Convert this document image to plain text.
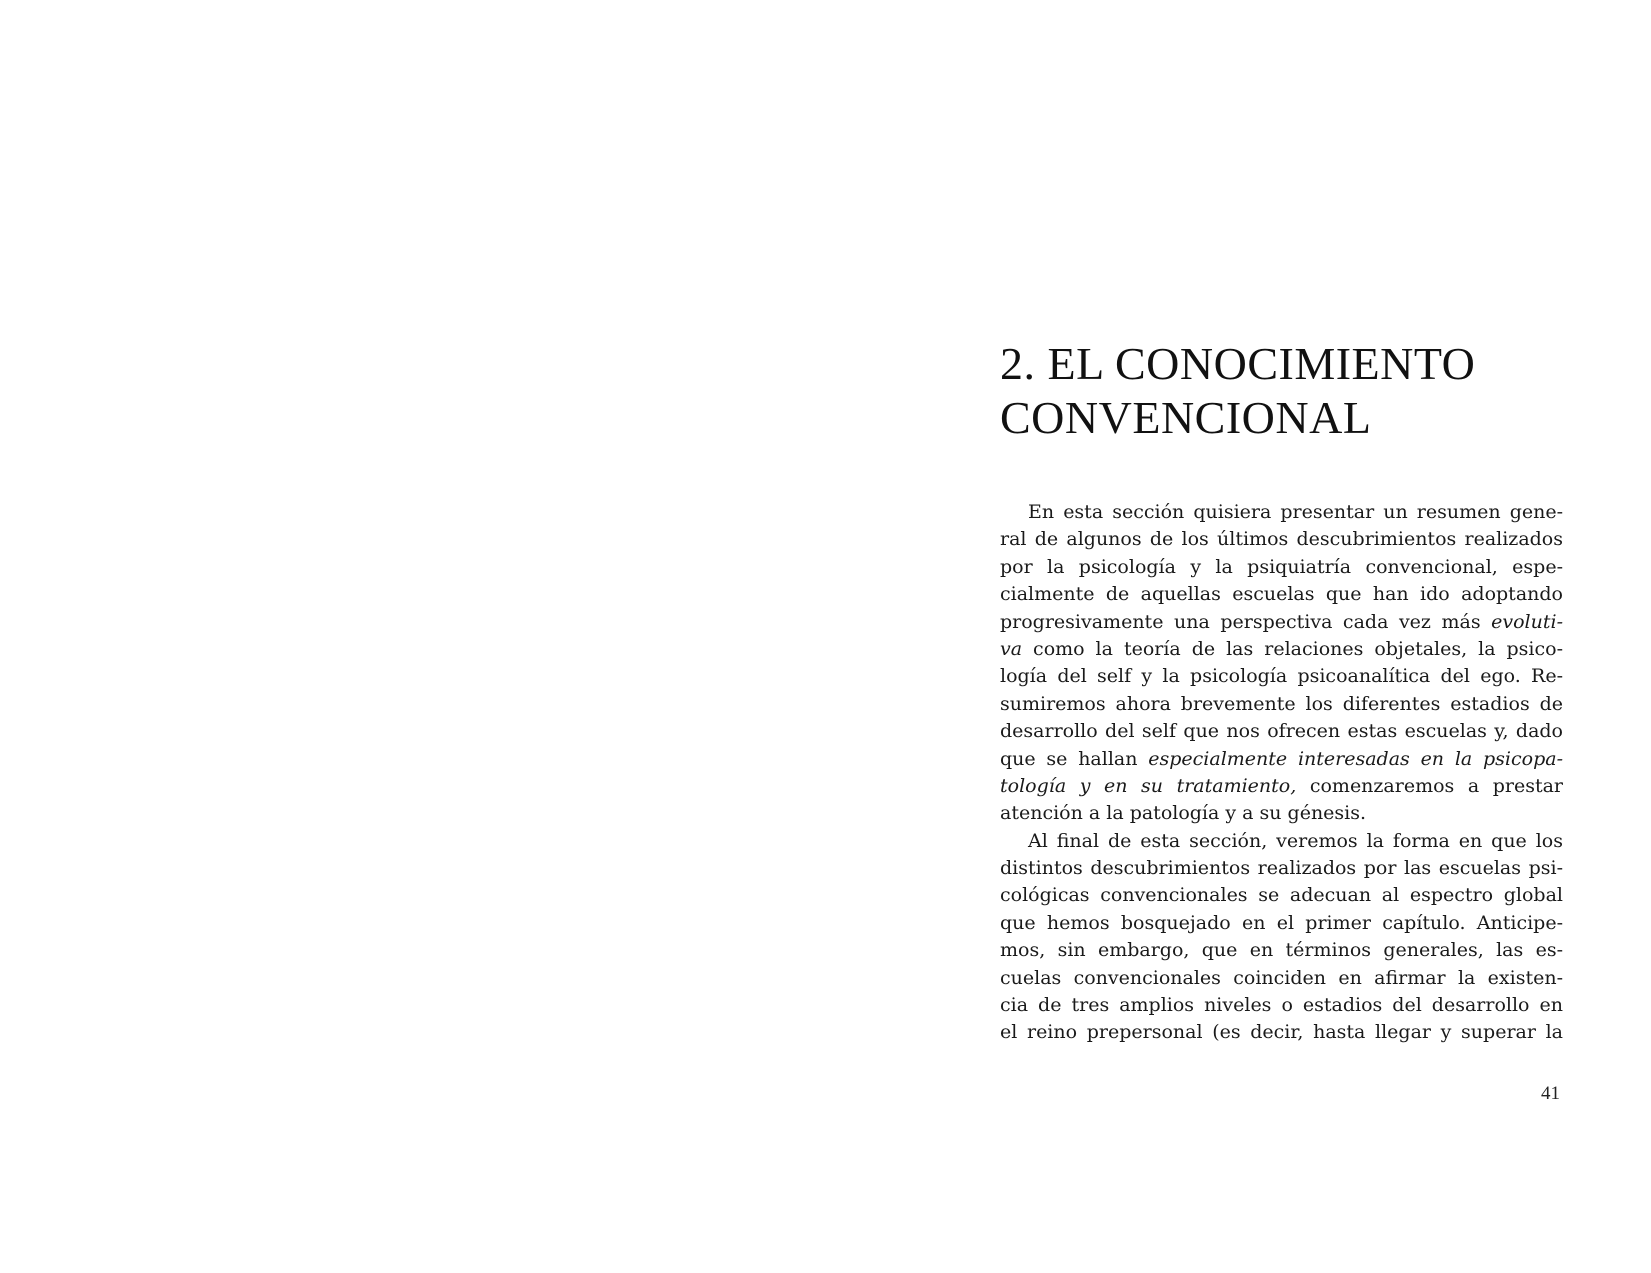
2. EL CONOCIMIENTO
CONVENCIONAL
En esta sección quisiera presentar un resumen gene-
ral de algunos de los últimos descubrimientos realizados
por la psicología y la psiquiatría convencional, espe-
cialmente de aquellas escuelas que han ido adoptando
progresivamente una perspectiva cada vez más evoluti-
va como la teoría de las relaciones objetales, la psico-
logía del self y la psicología psicoanalítica del ego. Re-
sumiremos ahora brevemente los diferentes estadios de
desarrollo del self que nos ofrecen estas escuelas y, dado
que se hallan especialmente interesadas en la psicopa-
tología y en su tratamiento, comenzaremos a prestar
atención a la patología y a su génesis.
Al final de esta sección, veremos la forma en que los
distintos descubrimientos realizados por las escuelas psi-
cológicas convencionales se adecuan al espectro global
que hemos bosquejado en el primer capítulo. Anticipe-
mos, sin embargo, que en términos generales, las es-
cuelas convencionales coinciden en afirmar la existen-
cia de tres amplios niveles o estadios del desarrollo en
el reino prepersonal (es decir, hasta llegar y superar la
41
